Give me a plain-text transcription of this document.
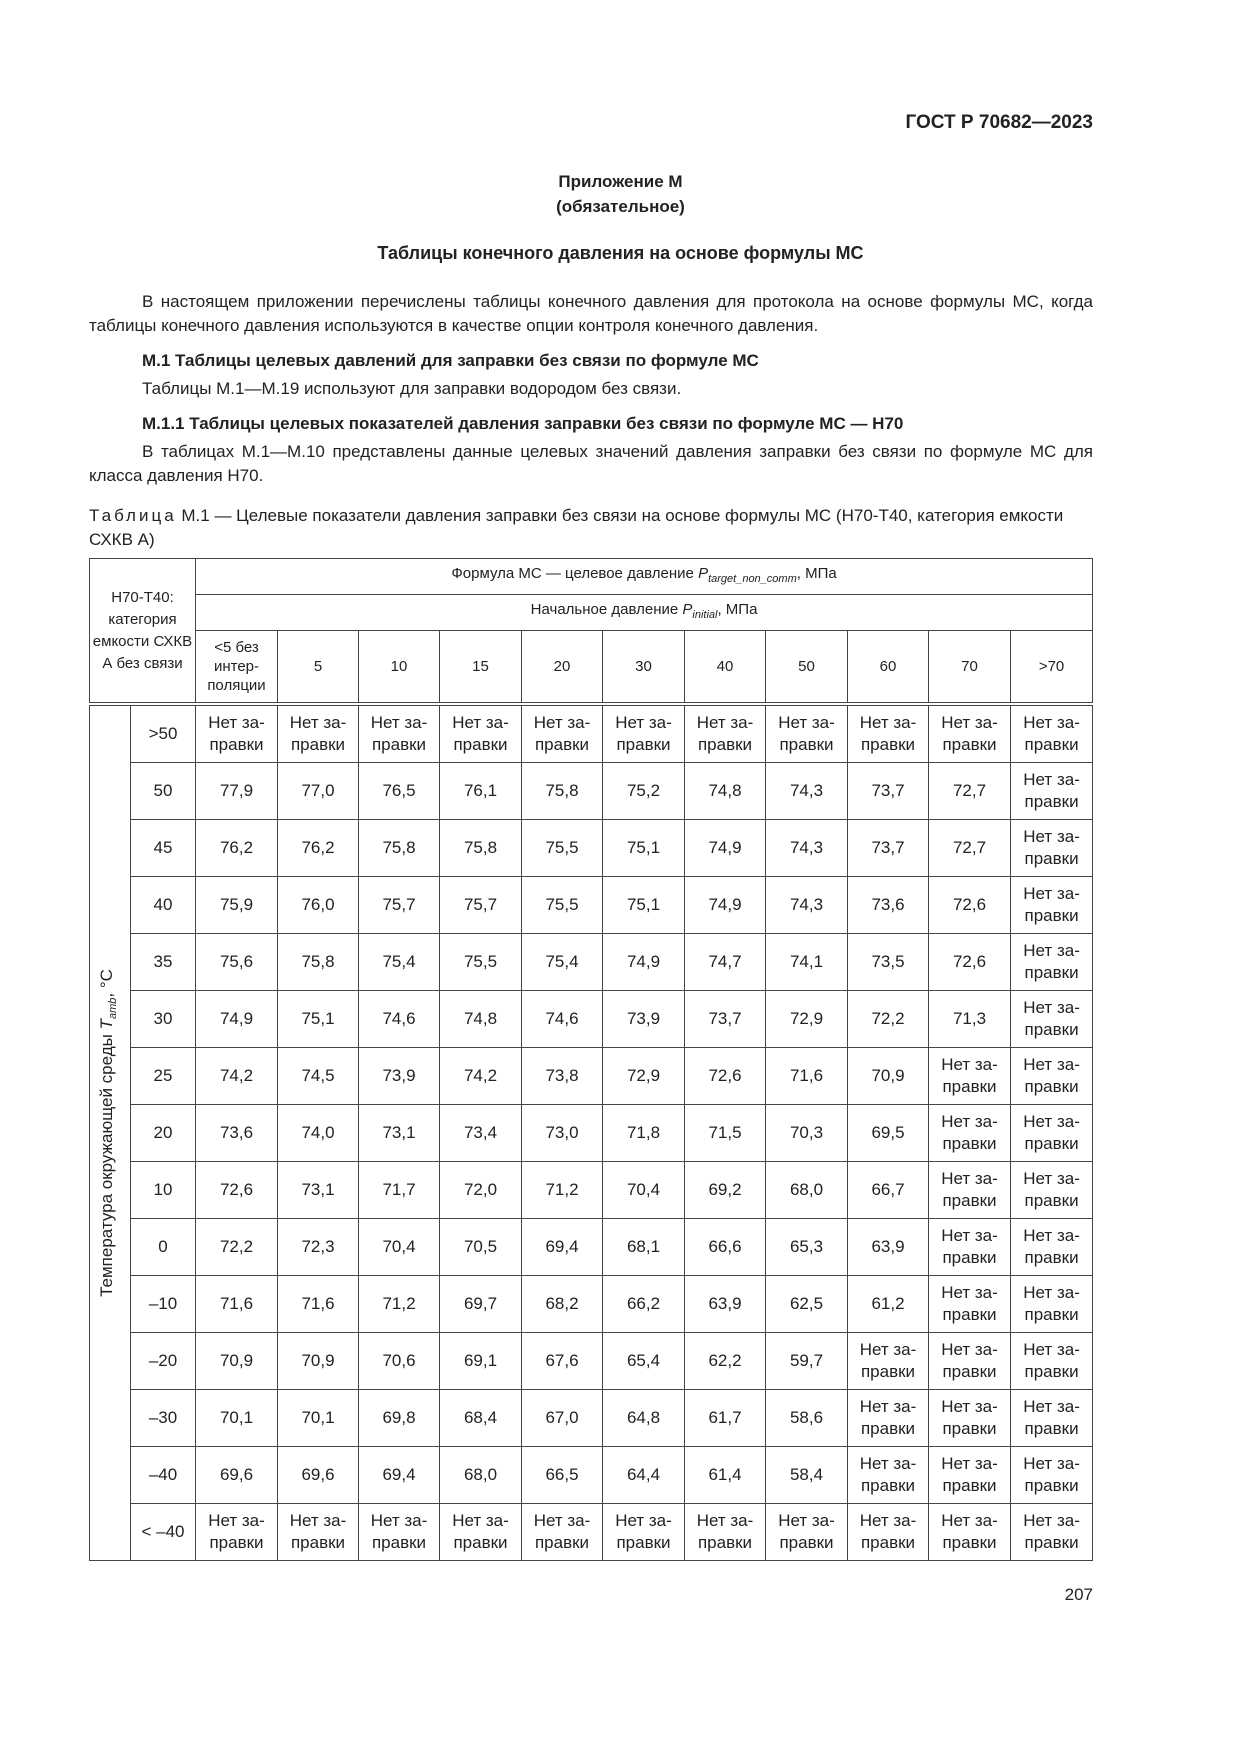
ГОСТ Р 70682—2023
Приложение М
(обязательное)
Таблицы конечного давления на основе формулы МС
В настоящем приложении перечислены таблицы конечного давления для протокола на основе формулы МС, когда таблицы конечного давления используются в качестве опции контроля конечного давления.
М.1 Таблицы целевых давлений для заправки без связи по формуле МС
Таблицы М.1—М.19 используют для заправки водородом без связи.
М.1.1 Таблицы целевых показателей давления заправки без связи по формуле МС — Н70
В таблицах М.1—М.10 представлены данные целевых значений давления заправки без связи по формуле МС для класса давления Н70.
Таблица М.1 — Целевые показатели давления заправки без связи на основе формулы МС (Н70-Т40, категория емкости СХКВ А)
Н70-Т40: категория емкости СХКВ А без связи		Формула МС — целевое давление $P_{target\_non\_comm}$, МПа										
		Начальное давление $P_{initial}$, МПа										
		<5 без интер- поляции	5	10	15	20	30	40	50	60	70	>70

Температура окружающей среды $T_{amb}$, °С	>50	Нет за- правки	Нет за- правки	Нет за- правки	Нет за- правки	Нет за- правки	Нет за- правки	Нет за- правки	Нет за- правки	Нет за- правки	Нет за- правки	Нет за- правки
	50	77,9	77,0	76,5	76,1	75,8	75,2	74,8	74,3	73,7	72,7	Нет за- правки
	45	76,2	76,2	75,8	75,8	75,5	75,1	74,9	74,3	73,7	72,7	Нет за- правки
	40	75,9	76,0	75,7	75,7	75,5	75,1	74,9	74,3	73,6	72,6	Нет за- правки
	35	75,6	75,8	75,4	75,5	75,4	74,9	74,7	74,1	73,5	72,6	Нет за- правки
	30	74,9	75,1	74,6	74,8	74,6	73,9	73,7	72,9	72,2	71,3	Нет за- правки
	25	74,2	74,5	73,9	74,2	73,8	72,9	72,6	71,6	70,9	Нет за- правки	Нет за- правки
	20	73,6	74,0	73,1	73,4	73,0	71,8	71,5	70,3	69,5	Нет за- правки	Нет за- правки
	10	72,6	73,1	71,7	72,0	71,2	70,4	69,2	68,0	66,7	Нет за- правки	Нет за- правки
	0	72,2	72,3	70,4	70,5	69,4	68,1	66,6	65,3	63,9	Нет за- правки	Нет за- правки
	–10	71,6	71,6	71,2	69,7	68,2	66,2	63,9	62,5	61,2	Нет за- правки	Нет за- правки
	–20	70,9	70,9	70,6	69,1	67,6	65,4	62,2	59,7	Нет за- правки	Нет за- правки	Нет за- правки
	–30	70,1	70,1	69,8	68,4	67,0	64,8	61,7	58,6	Нет за- правки	Нет за- правки	Нет за- правки
	–40	69,6	69,6	69,4	68,0	66,5	64,4	61,4	58,4	Нет за- правки	Нет за- правки	Нет за- правки
	< –40	Нет за- правки	Нет за- правки	Нет за- правки	Нет за- правки	Нет за- правки	Нет за- правки	Нет за- правки	Нет за- правки	Нет за- правки	Нет за- правки	Нет за- правки
207
